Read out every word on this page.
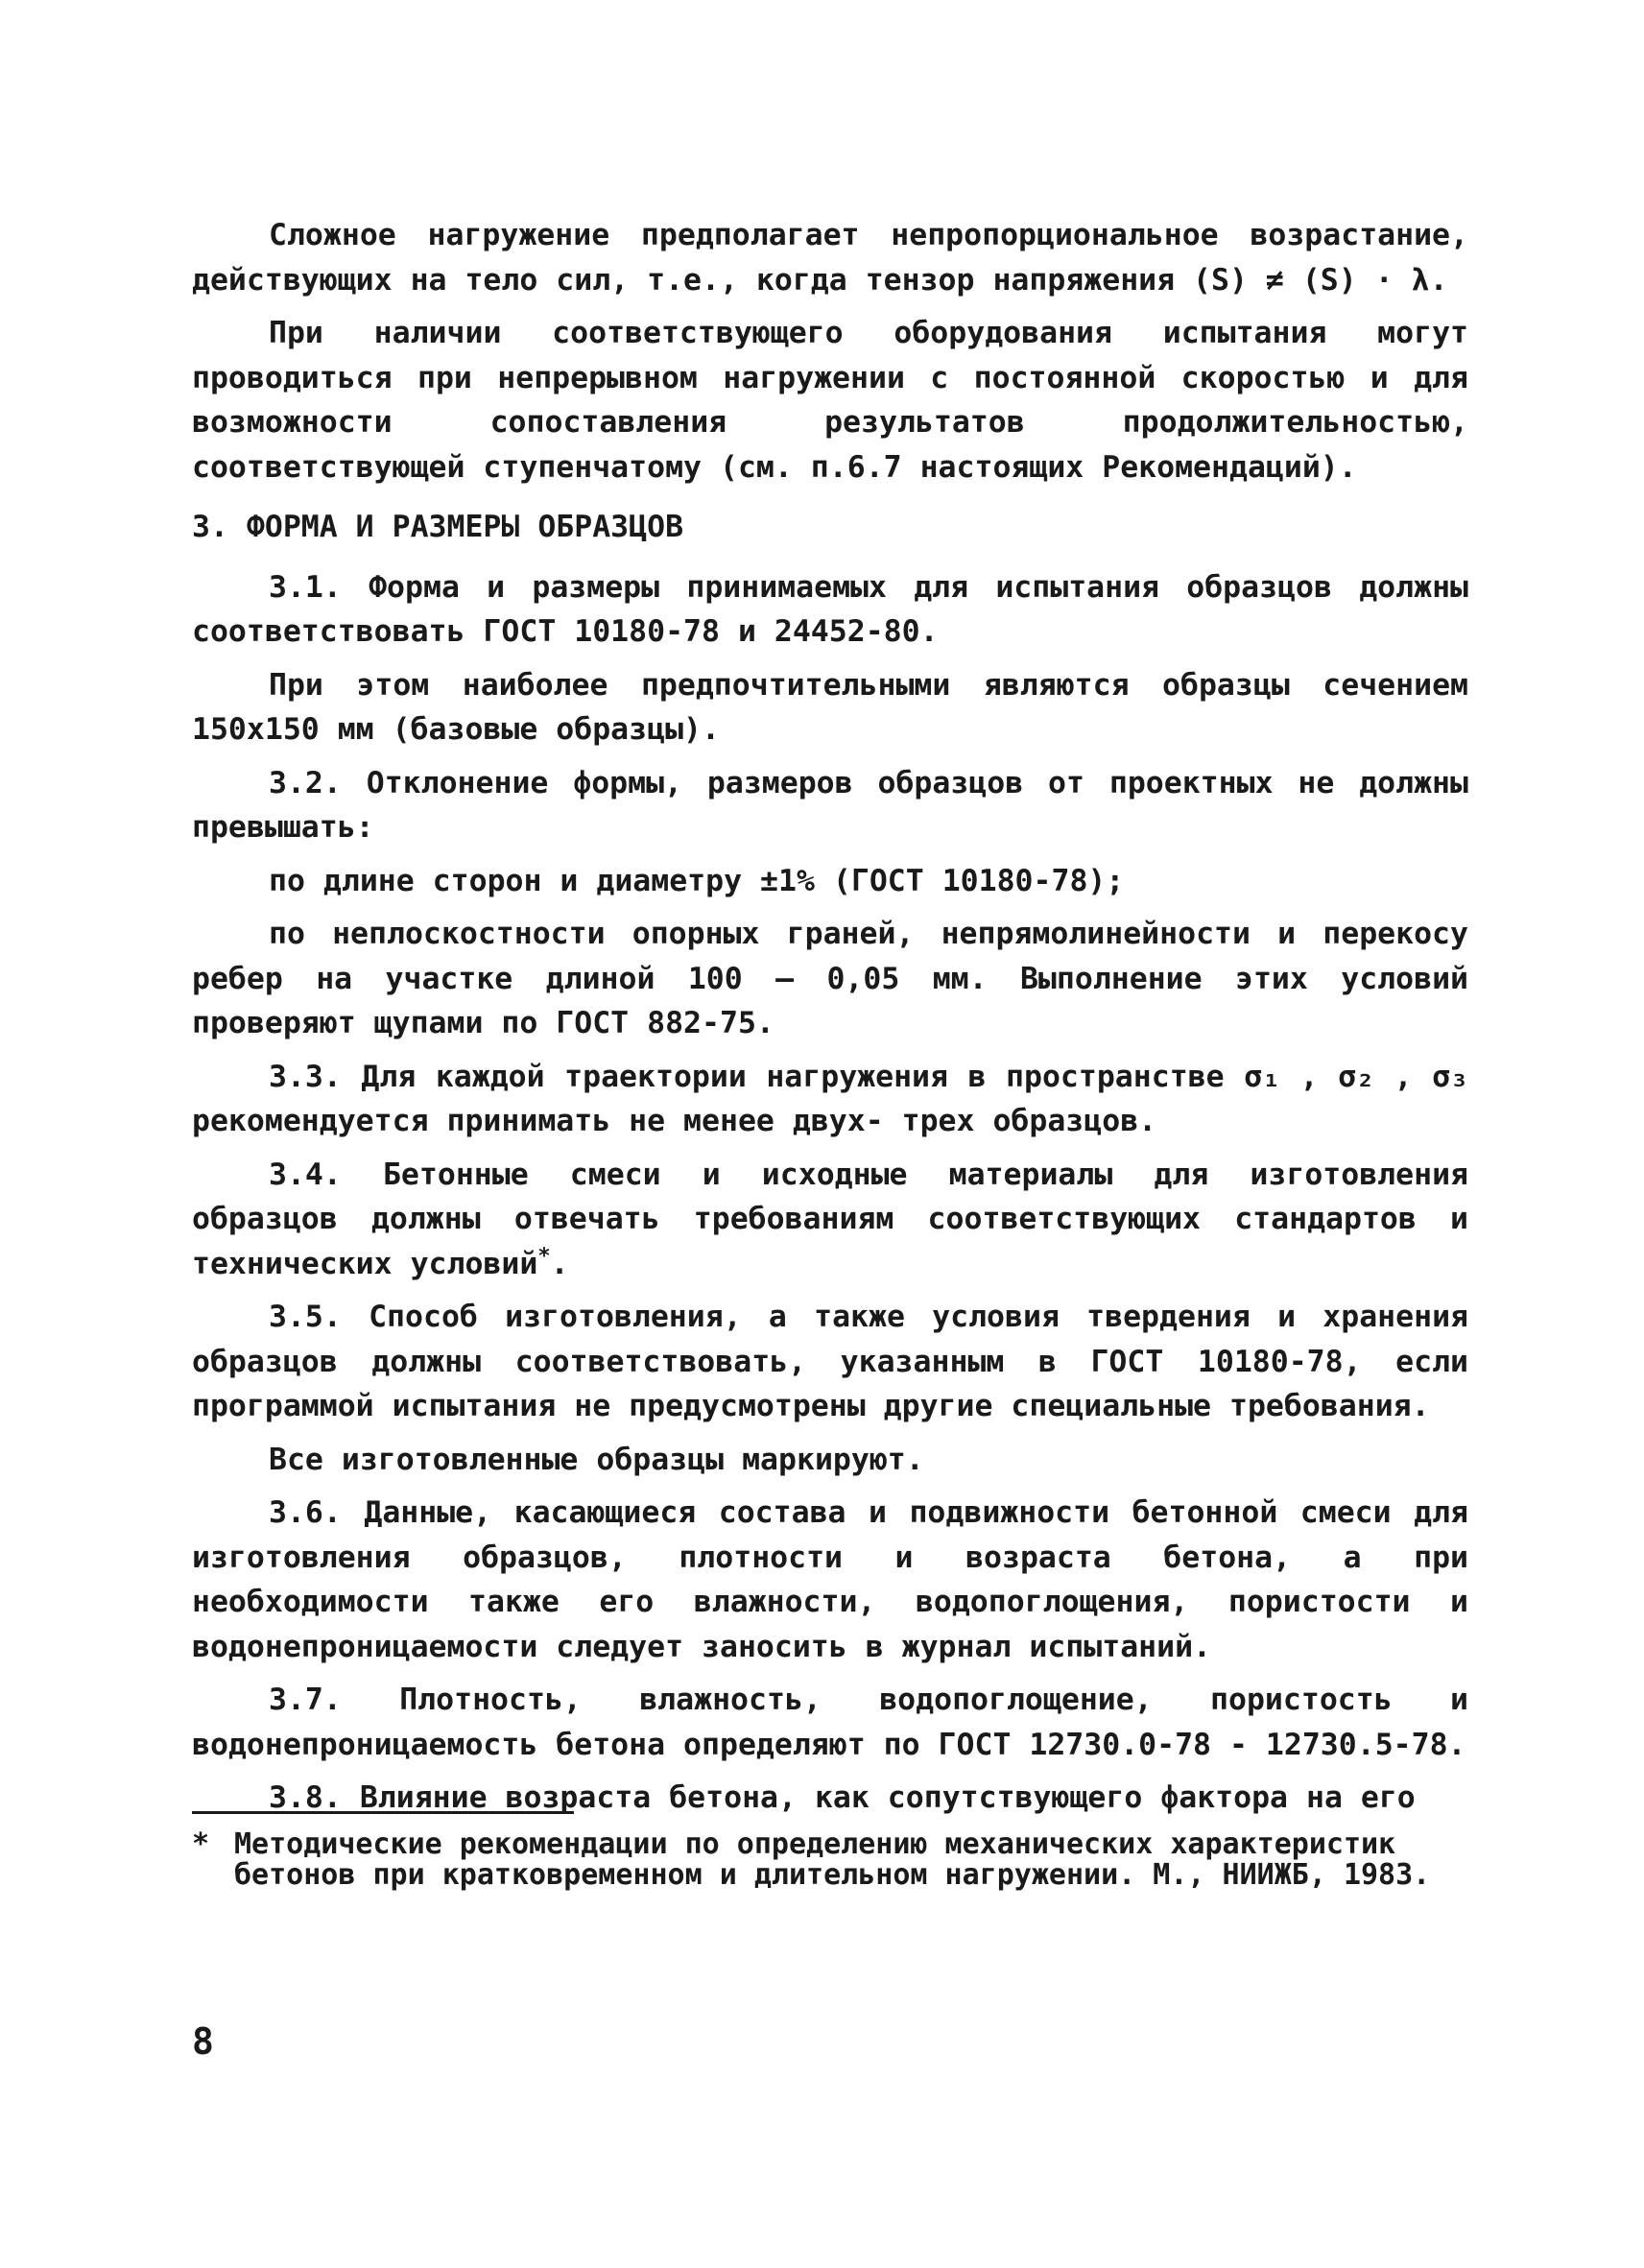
Сложное нагружение предполагает непропорциональное возрастание, действующих на тело сил, т.е., когда тензор напряжения (S) ≠ (S) · λ.

При наличии соответствующего оборудования испытания могут проводиться при непрерывном нагружении с постоянной скоростью и для возможности сопоставления результатов продолжительностью, соответствующей ступенчатому (см. п.6.7 настоящих Рекомендаций).

3. ФОРМА И РАЗМЕРЫ ОБРАЗЦОВ

3.1. Форма и размеры принимаемых для испытания образцов должны соответствовать ГОСТ 10180-78 и 24452-80.

При этом наиболее предпочтительными являются образцы сечением 150x150 мм (базовые образцы).

3.2. Отклонение формы, размеров образцов от проектных не должны превышать:

по длине сторон и диаметру ±1% (ГОСТ 10180-78);

по неплоскостности опорных граней, непрямолинейности и перекосу ребер на участке длиной 100 — 0,05 мм. Выполнение этих условий проверяют щупами по ГОСТ 882-75.

3.3. Для каждой траектории нагружения в пространстве σ₁ , σ₂ , σ₃ рекомендуется принимать не менее двух- трех образцов.

3.4. Бетонные смеси и исходные материалы для изготовления образцов должны отвечать требованиям соответствующих стандартов и технических условий*.

3.5. Способ изготовления, а также условия твердения и хранения образцов должны соответствовать, указанным в ГОСТ 10180-78, если программой испытания не предусмотрены другие специальные требования.

Все изготовленные образцы маркируют.

3.6. Данные, касающиеся состава и подвижности бетонной смеси для изготовления образцов, плотности и возраста бетона, а при необходимости также его влажности, водопоглощения, пористости и водонепроницаемости следует заносить в журнал испытаний.

3.7. Плотность, влажность, водопоглощение, пористость и водонепроницаемость бетона определяют по ГОСТ 12730.0-78 - 12730.5-78.

3.8. Влияние возраста бетона, как сопутствующего фактора на его

* Методические рекомендации по определению механических характеристик бетонов при кратковременном и длительном нагружении. М., НИИЖБ, 1983.
8
